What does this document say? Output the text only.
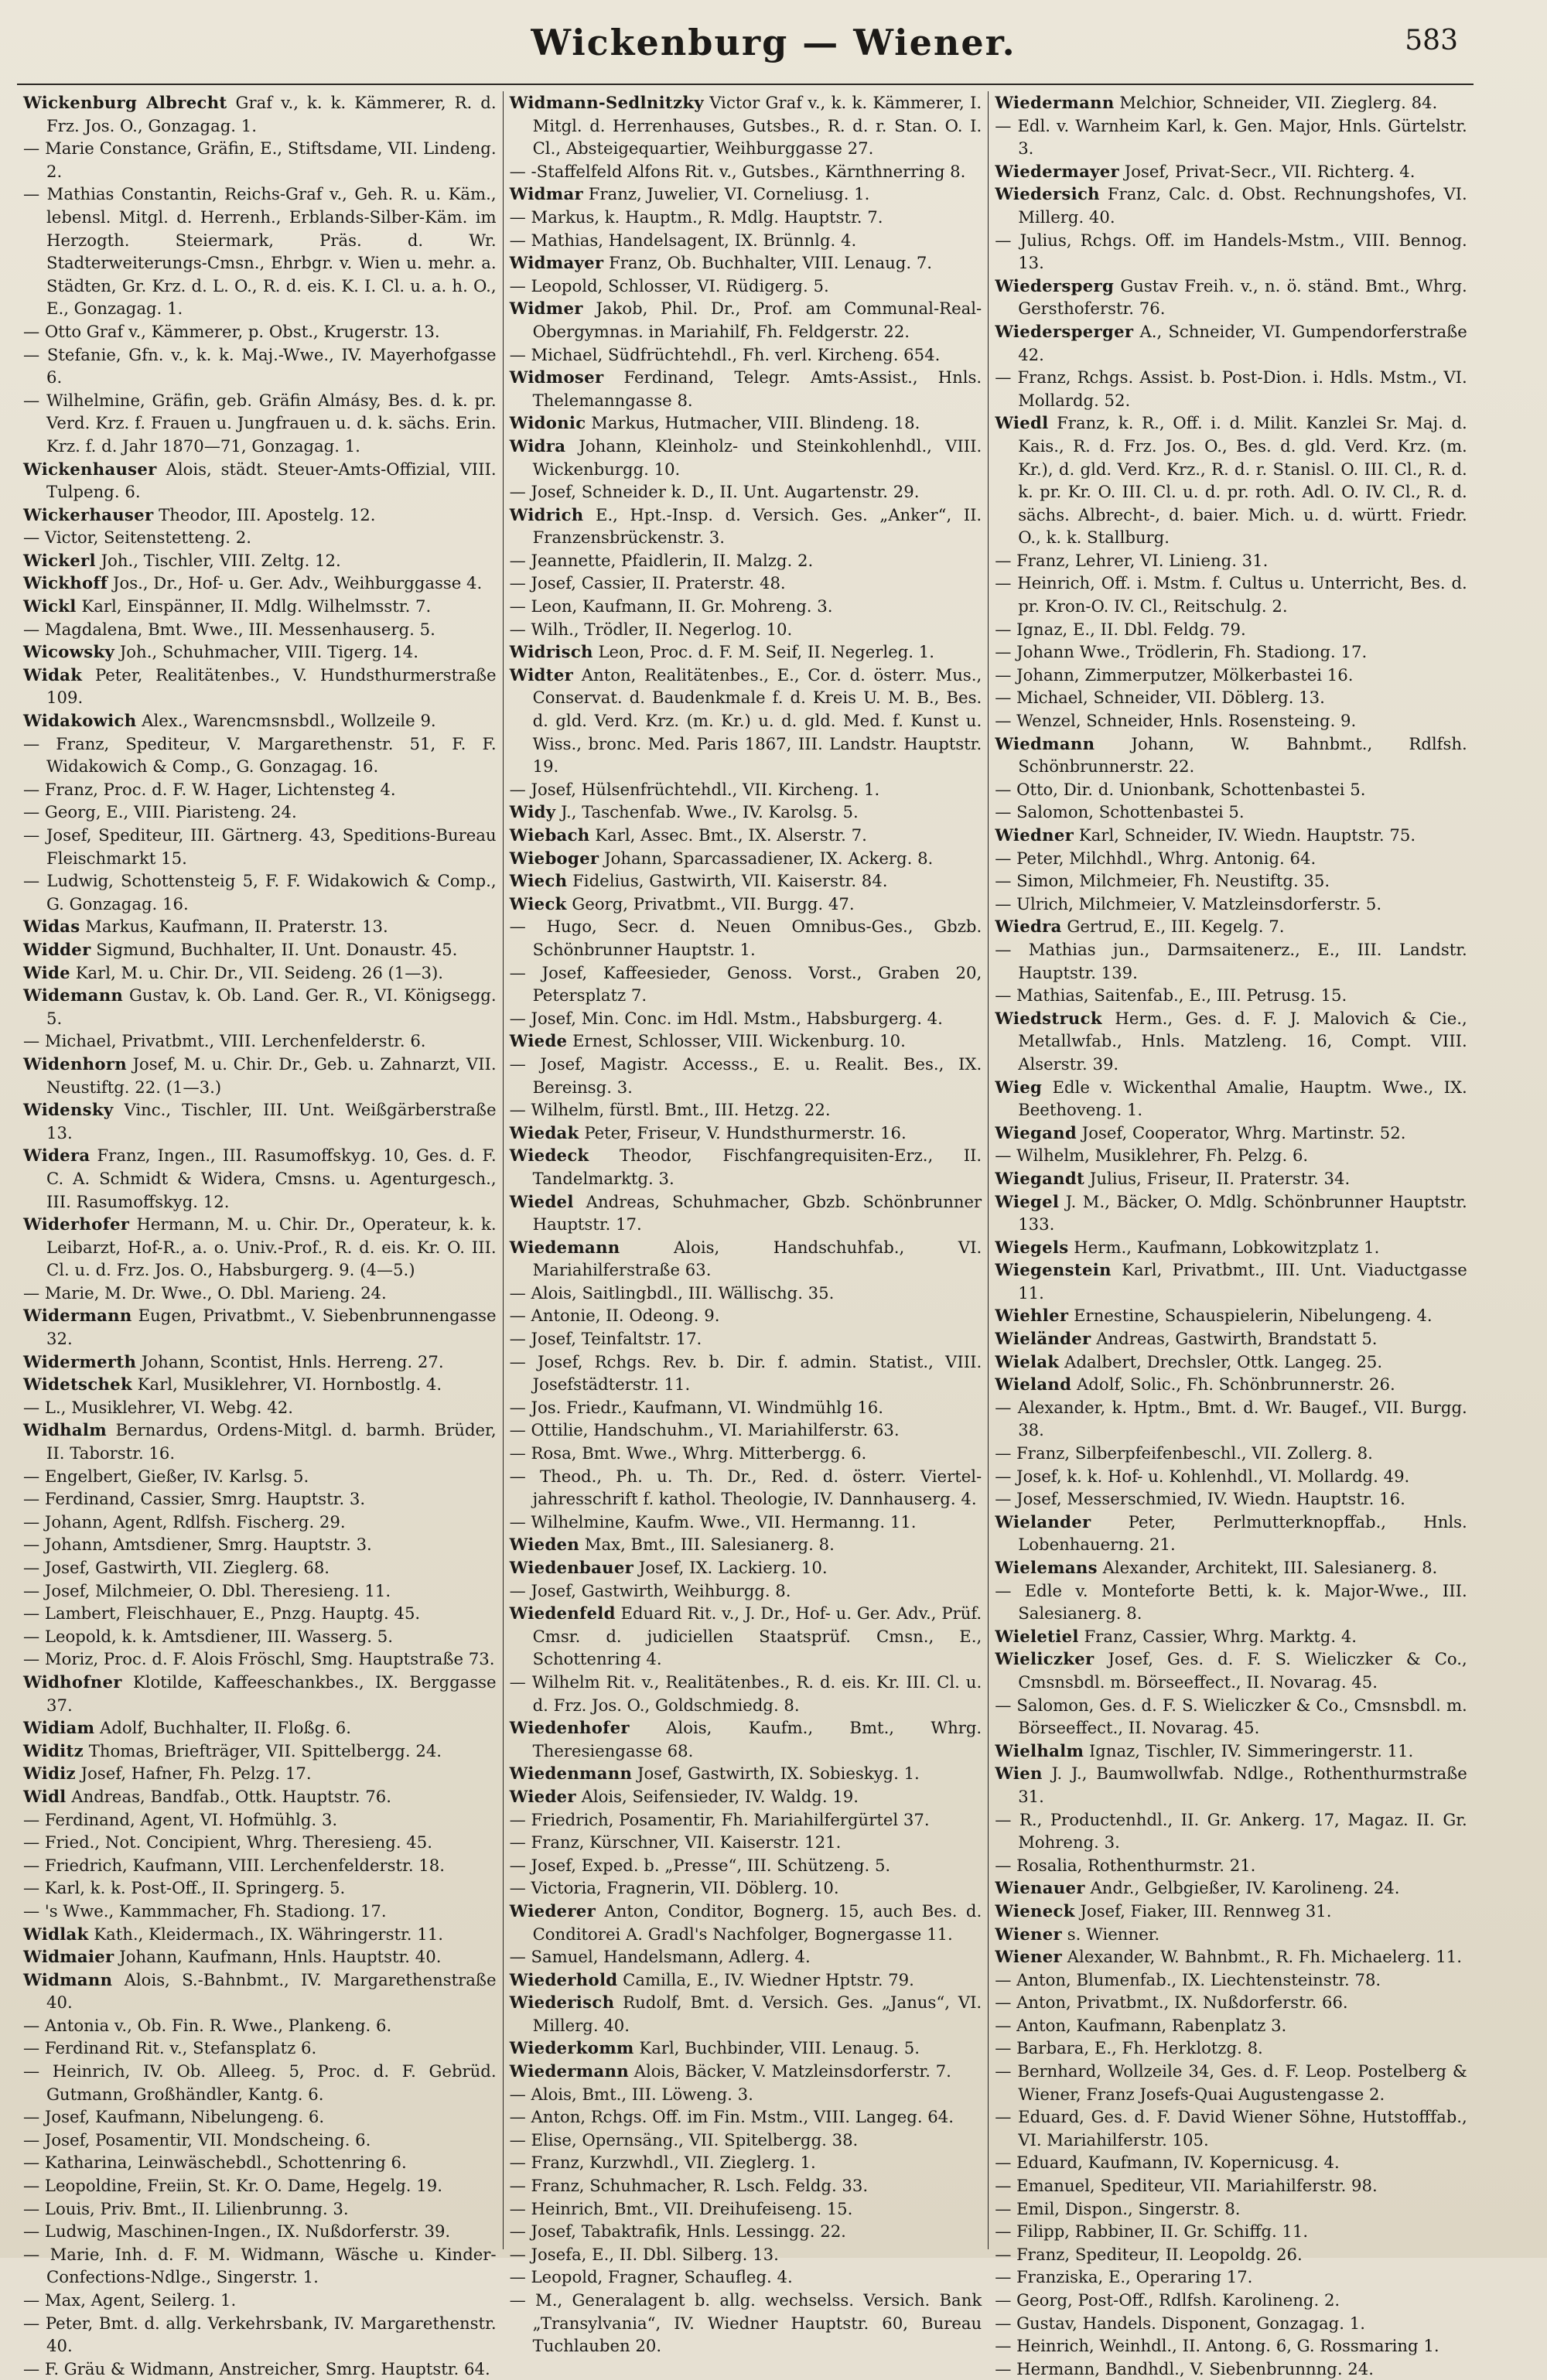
Wickenburg — Wiener.	583

Wickenburg Albrecht Graf v., k. k. Kämmerer, R. d. Frz. Jos. O., Gonzagag. 1.

— Marie Constance, Gräfin, E., Stiftsdame, VII. Lindeng. 2.

— Mathias Constantin, Reichs-Graf v., Geh. R. u. Käm., lebensl. Mitgl. d. Herrenh., Erblands-Silber-Käm. im Herzogth. Steiermark, Präs. d. Wr. Stadterweiterungs-Cmsn., Ehrbgr. v. Wien u. mehr. a. Städten, Gr. Krz. d. L. O., R. d. eis. K. I. Cl. u. a. h. O., E., Gonzagag. 1.

— Otto Graf v., Kämmerer, p. Obst., Krugerstr. 13.

— Stefanie, Gfn. v., k. k. Maj.-Wwe., IV. Mayerhofgasse 6.

— Wilhelmine, Gräfin, geb. Gräfin Almásy, Bes. d. k. pr. Verd. Krz. f. Frauen u. Jungfrauen u. d. k. sächs. Erin. Krz. f. d. Jahr 1870—71, Gonzagag. 1.

Wickenhauser Alois, städt. Steuer-Amts-Offizial, VIII. Tulpeng. 6.

Wickerhauser Theodor, III. Apostelg. 12.

— Victor, Seitenstetteng. 2.

Wickerl Joh., Tischler, VIII. Zeltg. 12.

Wickhoff Jos., Dr., Hof- u. Ger. Adv., Weihburggasse 4.

Wickl Karl, Einspänner, II. Mdlg. Wilhelmsstr. 7.

— Magdalena, Bmt. Wwe., III. Messenhauserg. 5.

Wicowsky Joh., Schuhmacher, VIII. Tigerg. 14.

Widak Peter, Realitätenbes., V. Hundsthurmerstraße 109.

Widakowich Alex., Warencmsnsbdl., Wollzeile 9.

— Franz, Spediteur, V. Margarethenstr. 51, F. F. Widakowich & Comp., G. Gonzagag. 16.

— Franz, Proc. d. F. W. Hager, Lichtensteg 4.

— Georg, E., VIII. Piaristeng. 24.

— Josef, Spediteur, III. Gärtnerg. 43, Speditions-Bureau Fleischmarkt 15.

— Ludwig, Schottensteig 5, F. F. Widakowich & Comp., G. Gonzagag. 16.

Widas Markus, Kaufmann, II. Praterstr. 13.

Widder Sigmund, Buchhalter, II. Unt. Donaustr. 45.

Wide Karl, M. u. Chir. Dr., VII. Seideng. 26 (1—3).

Widemann Gustav, k. Ob. Land. Ger. R., VI. Königsegg. 5.

— Michael, Privatbmt., VIII. Lerchenfelderstr. 6.

Widenhorn Josef, M. u. Chir. Dr., Geb. u. Zahnarzt, VII. Neustiftg. 22. (1—3.)

Widensky Vinc., Tischler, III. Unt. Weißgärberstraße 13.

Widera Franz, Ingen., III. Rasumoffskyg. 10, Ges. d. F. C. A. Schmidt & Widera, Cmsns. u. Agenturgesch., III. Rasumoffskyg. 12.

Widerhofer Hermann, M. u. Chir. Dr., Operateur, k. k. Leibarzt, Hof-R., a. o. Univ.-Prof., R. d. eis. Kr. O. III. Cl. u. d. Frz. Jos. O., Habsburgerg. 9. (4—5.)

— Marie, M. Dr. Wwe., O. Dbl. Marieng. 24.

Widermann Eugen, Privatbmt., V. Siebenbrunnengasse 32.

Widermerth Johann, Scontist, Hnls. Herreng. 27.

Widetschek Karl, Musiklehrer, VI. Hornbostlg. 4.

— L., Musiklehrer, VI. Webg. 42.

Widhalm Bernardus, Ordens-Mitgl. d. barmh. Brüder, II. Taborstr. 16.

— Engelbert, Gießer, IV. Karlsg. 5.

— Ferdinand, Cassier, Smrg. Hauptstr. 3.

— Johann, Agent, Rdlfsh. Fischerg. 29.

— Johann, Amtsdiener, Smrg. Hauptstr. 3.

— Josef, Gastwirth, VII. Zieglerg. 68.

— Josef, Milchmeier, O. Dbl. Theresieng. 11.

— Lambert, Fleischhauer, E., Pnzg. Hauptg. 45.

— Leopold, k. k. Amtsdiener, III. Wasserg. 5.

— Moriz, Proc. d. F. Alois Fröschl, Smg. Hauptstraße 73.

Widhofner Klotilde, Kaffeeschankbes., IX. Berggasse 37.

Widiam Adolf, Buchhalter, II. Floßg. 6.

Widitz Thomas, Briefträger, VII. Spittelbergg. 24.

Widiz Josef, Hafner, Fh. Pelzg. 17.

Widl Andreas, Bandfab., Ottk. Hauptstr. 76.

— Ferdinand, Agent, VI. Hofmühlg. 3.

— Fried., Not. Concipient, Whrg. Theresieng. 45.

— Friedrich, Kaufmann, VIII. Lerchenfelderstr. 18.

— Karl, k. k. Post-Off., II. Springerg. 5.

— 's Wwe., Kammmacher, Fh. Stadiong. 17.

Widlak Kath., Kleidermach., IX. Währingerstr. 11.

Widmaier Johann, Kaufmann, Hnls. Hauptstr. 40.

Widmann Alois, S.-Bahnbmt., IV. Margarethenstraße 40.

— Antonia v., Ob. Fin. R. Wwe., Plankeng. 6.

— Ferdinand Rit. v., Stefansplatz 6.

— Heinrich, IV. Ob. Alleeg. 5, Proc. d. F. Gebrüd. Gutmann, Großhändler, Kantg. 6.

— Josef, Kaufmann, Nibelungeng. 6.

— Josef, Posamentir, VII. Mondscheing. 6.

— Katharina, Leinwäschebdl., Schottenring 6.

— Leopoldine, Freiin, St. Kr. O. Dame, Hegelg. 19.

— Louis, Priv. Bmt., II. Lilienbrunng. 3.

— Ludwig, Maschinen-Ingen., IX. Nußdorferstr. 39.

— Marie, Inh. d. F. M. Widmann, Wäsche u. Kinder-Confections-Ndlge., Singerstr. 1.

— Max, Agent, Seilerg. 1.

— Peter, Bmt. d. allg. Verkehrsbank, IV. Margarethenstr. 40.

— F. Gräu & Widmann, Anstreicher, Smrg. Hauptstr. 64.

Widmann-Sedlnitzky Victor Graf v., k. k. Kämmerer, I. Mitgl. d. Herrenhauses, Gutsbes., R. d. r. Stan. O. I. Cl., Absteigequartier, Weihburggasse 27.

— -Staffelfeld Alfons Rit. v., Gutsbes., Kärnthnerring 8.

Widmar Franz, Juwelier, VI. Corneliusg. 1.

— Markus, k. Hauptm., R. Mdlg. Hauptstr. 7.

— Mathias, Handelsagent, IX. Brünnlg. 4.

Widmayer Franz, Ob. Buchhalter, VIII. Lenaug. 7.

— Leopold, Schlosser, VI. Rüdigerg. 5.

Widmer Jakob, Phil. Dr., Prof. am Communal-Real-Obergymnas. in Mariahilf, Fh. Feldgerstr. 22.

— Michael, Südfrüchtehdl., Fh. verl. Kircheng. 654.

Widmoser Ferdinand, Telegr. Amts-Assist., Hnls. Thelemanngasse 8.

Widonic Markus, Hutmacher, VIII. Blindeng. 18.

Widra Johann, Kleinholz- und Steinkohlenhdl., VIII. Wickenburgg. 10.

— Josef, Schneider k. D., II. Unt. Augartenstr. 29.

Widrich E., Hpt.-Insp. d. Versich. Ges. „Anker“, II. Franzensbrückenstr. 3.

— Jeannette, Pfaidlerin, II. Malzg. 2.

— Josef, Cassier, II. Praterstr. 48.

— Leon, Kaufmann, II. Gr. Mohreng. 3.

— Wilh., Trödler, II. Negerlog. 10.

Widrisch Leon, Proc. d. F. M. Seif, II. Negerleg. 1.

Widter Anton, Realitätenbes., E., Cor. d. österr. Mus., Conservat. d. Baudenkmale f. d. Kreis U. M. B., Bes. d. gld. Verd. Krz. (m. Kr.) u. d. gld. Med. f. Kunst u. Wiss., bronc. Med. Paris 1867, III. Landstr. Hauptstr. 19.

— Josef, Hülsenfrüchtehdl., VII. Kircheng. 1.

Widy J., Taschenfab. Wwe., IV. Karolsg. 5.

Wiebach Karl, Assec. Bmt., IX. Alserstr. 7.

Wieboger Johann, Sparcassadiener, IX. Ackerg. 8.

Wiech Fidelius, Gastwirth, VII. Kaiserstr. 84.

Wieck Georg, Privatbmt., VII. Burgg. 47.

— Hugo, Secr. d. Neuen Omnibus-Ges., Gbzb. Schönbrunner Hauptstr. 1.

— Josef, Kaffeesieder, Genoss. Vorst., Graben 20, Petersplatz 7.

— Josef, Min. Conc. im Hdl. Mstm., Habsburgerg. 4.

Wiede Ernest, Schlosser, VIII. Wickenburg. 10.

— Josef, Magistr. Accesss., E. u. Realit. Bes., IX. Bereinsg. 3.

— Wilhelm, fürstl. Bmt., III. Hetzg. 22.

Wiedak Peter, Friseur, V. Hundsthurmerstr. 16.

Wiedeck Theodor, Fischfangrequisiten-Erz., II. Tandelmarktg. 3.

Wiedel Andreas, Schuhmacher, Gbzb. Schönbrunner Hauptstr. 17.

Wiedemann	Alois, Handschuhfab., VI. Mariahilferstraße 63.

— Alois, Saitlingbdl., III. Wällischg. 35.

— Antonie, II. Odeong. 9.

— Josef, Teinfaltstr. 17.

— Josef, Rchgs. Rev. b. Dir. f. admin. Statist., VIII. Josefstädterstr. 11.

— Jos. Friedr., Kaufmann, VI. Windmühlg 16.

— Ottilie, Handschuhm., VI. Mariahilferstr. 63.

— Rosa, Bmt. Wwe., Whrg. Mitterbergg. 6.

— Theod., Ph. u. Th. Dr., Red. d. österr. Viertel-jahresschrift f. kathol. Theologie, IV. Dannhauserg. 4.

— Wilhelmine, Kaufm. Wwe., VII. Hermanng. 11.

Wieden Max, Bmt., III. Salesianerg. 8.

Wiedenbauer Josef, IX. Lackierg. 10.

— Josef, Gastwirth, Weihburgg. 8.

Wiedenfeld Eduard Rit. v., J. Dr., Hof- u. Ger. Adv., Prüf. Cmsr. d. judiciellen Staatsprüf. Cmsn., E., Schottenring 4.

— Wilhelm Rit. v., Realitätenbes., R. d. eis. Kr. III. Cl. u. d. Frz. Jos. O., Goldschmiedg. 8.

Wiedenhofer Alois, Kaufm., Bmt., Whrg. Theresiengasse 68.

Wiedenmann Josef, Gastwirth, IX. Sobieskyg. 1.

Wieder Alois, Seifensieder, IV. Waldg. 19.

— Friedrich, Posamentir, Fh. Mariahilfergürtel 37.

— Franz, Kürschner, VII. Kaiserstr. 121.

— Josef, Exped. b. „Presse“, III. Schützeng. 5.

— Victoria, Fragnerin, VII. Döblerg. 10.

Wiederer Anton, Conditor, Bognerg. 15, auch Bes. d. Conditorei A. Gradl's Nachfolger, Bognergasse 11.

— Samuel, Handelsmann, Adlerg. 4.

Wiederhold Camilla, E., IV. Wiedner Hptstr. 79.

Wiederisch Rudolf, Bmt. d. Versich. Ges. „Janus“, VI. Millerg. 40.

Wiederkomm Karl, Buchbinder, VIII. Lenaug. 5.

Wiedermann Alois, Bäcker, V. Matzleinsdorferstr. 7.

— Alois, Bmt., III. Löweng. 3.

— Anton, Rchgs. Off. im Fin. Mstm., VIII. Langeg. 64.

— Elise, Opernsäng., VII. Spitelbergg. 38.

— Franz, Kurzwhdl., VII. Zieglerg. 1.

— Franz, Schuhmacher, R. Lsch. Feldg. 33.

— Heinrich, Bmt., VII. Dreihufeiseng. 15.

— Josef, Tabaktrafik, Hnls. Lessingg. 22.

— Josefa, E., II. Dbl. Silberg. 13.

— Leopold, Fragner, Schaufleg. 4.

— M., Generalagent b. allg. wechselss. Versich. Bank „Transylvania“, IV. Wiedner Hauptstr. 60, Bureau Tuchlauben 20.

Wiedermann Melchior, Schneider, VII. Zieglerg. 84.

— Edl. v. Warnheim Karl, k. Gen. Major, Hnls. Gürtelstr. 3.

Wiedermayer Josef, Privat-Secr., VII. Richterg. 4.

Wiedersich Franz, Calc. d. Obst. Rechnungshofes, VI. Millerg. 40.

— Julius, Rchgs. Off. im Handels-Mstm., VIII. Bennog. 13.

Wiedersperg Gustav Freih. v., n. ö. ständ. Bmt., Whrg. Gersthoferstr. 76.

Wiedersperger A., Schneider, VI. Gumpendorferstraße 42.

— Franz, Rchgs. Assist. b. Post-Dion. i. Hdls. Mstm., VI. Mollardg. 52.

Wiedl Franz, k. R., Off. i. d. Milit. Kanzlei Sr. Maj. d. Kais., R. d. Frz. Jos. O., Bes. d. gld. Verd. Krz. (m. Kr.), d. gld. Verd. Krz., R. d. r. Stanisl. O. III. Cl., R. d. k. pr. Kr. O. III. Cl. u. d. pr. roth. Adl. O. IV. Cl., R. d. sächs. Albrecht-, d. baier. Mich. u. d. württ. Friedr. O., k. k. Stallburg.

— Franz, Lehrer, VI. Linieng. 31.

— Heinrich, Off. i. Mstm. f. Cultus u. Unterricht, Bes. d. pr. Kron-O. IV. Cl., Reitschulg. 2.

— Ignaz, E., II. Dbl. Feldg. 79.

— Johann Wwe., Trödlerin, Fh. Stadiong. 17.

— Johann, Zimmerputzer, Mölkerbastei 16.

— Michael, Schneider, VII. Döblerg. 13.

— Wenzel, Schneider, Hnls. Rosensteing. 9.

Wiedmann Johann, W. Bahnbmt., Rdlfsh. Schönbrunnerstr. 22.

— Otto, Dir. d. Unionbank, Schottenbastei 5.

— Salomon, Schottenbastei 5.

Wiedner Karl, Schneider, IV. Wiedn. Hauptstr. 75.

— Peter, Milchhdl., Whrg. Antonig. 64.

— Simon, Milchmeier, Fh. Neustiftg. 35.

— Ulrich, Milchmeier, V. Matzleinsdorferstr. 5.

Wiedra Gertrud, E., III. Kegelg. 7.

— Mathias jun., Darmsaitenerz., E., III. Landstr. Hauptstr. 139.

— Mathias, Saitenfab., E., III. Petrusg. 15.

Wiedstruck Herm., Ges. d. F. J. Malovich & Cie., Metallwfab., Hnls. Matzleng. 16, Compt. VIII. Alserstr. 39.

Wieg Edle v. Wickenthal Amalie, Hauptm. Wwe., IX. Beethoveng. 1.

Wiegand Josef, Cooperator, Whrg. Martinstr. 52.

— Wilhelm, Musiklehrer, Fh. Pelzg. 6.

Wiegandt Julius, Friseur, II. Praterstr. 34.

Wiegel J. M., Bäcker, O. Mdlg. Schönbrunner Hauptstr. 133.

Wiegels Herm., Kaufmann, Lobkowitzplatz 1.

Wiegenstein Karl, Privatbmt., III. Unt. Viaductgasse 11.

Wiehler Ernestine, Schauspielerin, Nibelungeng. 4.

Wieländer Andreas, Gastwirth, Brandstatt 5.

Wielak Adalbert, Drechsler, Ottk. Langeg. 25.

Wieland Adolf, Solic., Fh. Schönbrunnerstr. 26.

— Alexander, k. Hptm., Bmt. d. Wr. Baugef., VII. Burgg. 38.

— Franz, Silberpfeifenbeschl., VII. Zollerg. 8.

— Josef, k. k. Hof- u. Kohlenhdl., VI. Mollardg. 49.

— Josef, Messerschmied, IV. Wiedn. Hauptstr. 16.

Wielander Peter, Perlmutterknopffab., Hnls. Lobenhauerng. 21.

Wielemans Alexander, Architekt, III. Salesianerg. 8.

— Edle v. Monteforte Betti, k. k. Major-Wwe., III. Salesianerg. 8.

Wieletiel Franz, Cassier, Whrg. Marktg. 4.

Wieliczker Josef, Ges. d. F. S. Wieliczker & Co., Cmsnsbdl. m. Börseeffect., II. Novarag. 45.

— Salomon, Ges. d. F. S. Wieliczker & Co., Cmsnsbdl. m. Börseeffect., II. Novarag. 45.

Wielhalm Ignaz, Tischler, IV. Simmeringerstr. 11.

Wien J. J., Baumwollwfab. Ndlge., Rothenthurmstraße 31.

— R., Productenhdl., II. Gr. Ankerg. 17, Magaz. II. Gr. Mohreng. 3.

— Rosalia, Rothenthurmstr. 21.

Wienauer Andr., Gelbgießer, IV. Karolineng. 24.

Wieneck Josef, Fiaker, III. Rennweg 31.

Wiener s. Wienner.

Wiener Alexander, W. Bahnbmt., R. Fh. Michaelerg. 11.

— Anton, Blumenfab., IX. Liechtensteinstr. 78.

— Anton, Privatbmt., IX. Nußdorferstr. 66.

— Anton, Kaufmann, Rabenplatz 3.

— Barbara, E., Fh. Herklotzg. 8.

— Bernhard, Wollzeile 34, Ges. d. F. Leop. Postelberg & Wiener, Franz Josefs-Quai Augustengasse 2.

— Eduard, Ges. d. F. David Wiener Söhne, Hutstofffab., VI. Mariahilferstr. 105.

— Eduard, Kaufmann, IV. Kopernicusg. 4.

— Emanuel, Spediteur, VII. Mariahilferstr. 98.

— Emil, Dispon., Singerstr. 8.

— Filipp, Rabbiner, II. Gr. Schiffg. 11.

— Franz, Spediteur, II. Leopoldg. 26.

— Franziska, E., Operaring 17.

— Georg, Post-Off., Rdlfsh. Karolineng. 2.

— Gustav, Handels. Disponent, Gonzagag. 1.

— Heinrich, Weinhdl., II. Antong. 6, G. Rossmaring 1.

— Hermann, Bandhdl., V. Siebenbrunnng. 24.
